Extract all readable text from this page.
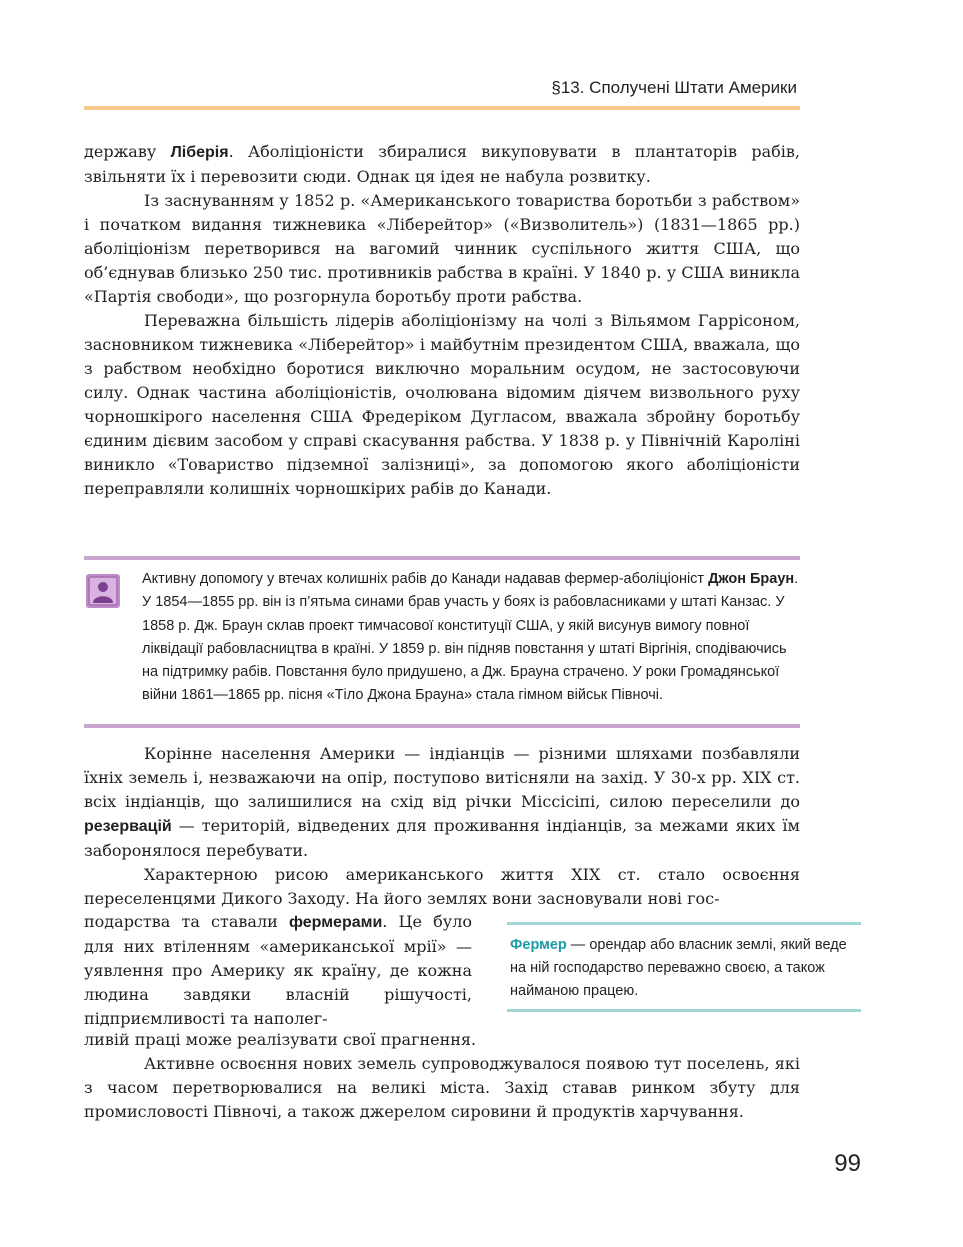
§13. Сполучені Штати Америки

державу Ліберія. Аболіціоністи збиралися викуповувати в плантаторів рабів, звільняти їх і перевозити сюди. Однак ця ідея не набула розвитку.

Із заснуванням у 1852 р. «Американського товариства боротьби з рабством» і початком видання тижневика «Ліберейтор» («Визволитель») (1831—1865 рр.) аболіціонізм перетворився на вагомий чинник суспільного життя США, що об’єднував близько 250 тис. противників рабства в країні. У 1840 р. у США виникла «Партія свободи», що розгорнула боротьбу проти рабства.

Переважна більшість лідерів аболіціонізму на чолі з Вільямом Гаррісоном, засновником тижневика «Ліберейтор» і майбутнім президентом США, вважала, що з рабством необхідно боротися виключно моральним осудом, не застосовуючи силу. Однак частина аболіціоністів, очолювана відомим діячем визвольного руху чорношкірого населення США Фредеріком Дугласом, вважала збройну боротьбу єдиним дієвим засобом у справі скасування рабства. У 1838 р. у Північній Кароліні виникло «Товариство підземної залізниці», за допомогою якого аболіціоністи переправляли колишніх чорношкірих рабів до Канади.

Активну допомогу у втечах колишніх рабів до Канади надавав фермер-аболіціоніст Джон Браун. У 1854—1855 рр. він із п’ятьма синами брав участь у боях із рабовласниками у штаті Канзас. У 1858 р. Дж. Браун склав проект тимчасової конституції США, у якій висунув вимогу повної ліквідації рабовласництва в країні. У 1859 р. він підняв повстання у штаті Віргінія, сподіваючись на підтримку рабів. Повстання було придушено, а Дж. Брауна страчено. У роки Громадянської війни 1861—1865 рр. пісня «Тіло Джона Брауна» стала гімном військ Півночі.

Корінне населення Америки — індіанців — різними шляхами позбавляли їхніх земель і, незважаючи на опір, поступово витісняли на захід. У 30-х рр. XIX ст. всіх індіанців, що залишилися на схід від річки Міссісіпі, силою переселили до резервацій — територій, відведених для проживання індіанців, за межами яких їм заборонялося перебувати.

Характерною рисою американського життя XIX ст. стало освоєння переселенцями Дикого Заходу. На його землях вони засновували нові гос-

подарства та ставали фермерами. Це було для них втіленням «американської мрії» — уявлення про Америку як країну, де кожна людина завдяки власній рішучості, підприємливості та наполег-

Фермер — орендар або власник землі, який веде на ній господарство переважно своєю, а також найманою працею.

ливій праці може реалізувати свої прагнення.

Активне освоєння нових земель супроводжувалося появою тут поселень, які з часом перетворювалися на великі міста. Захід ставав ринком збуту для промисловості Півночі, а також джерелом сировини й продуктів харчування.

99
